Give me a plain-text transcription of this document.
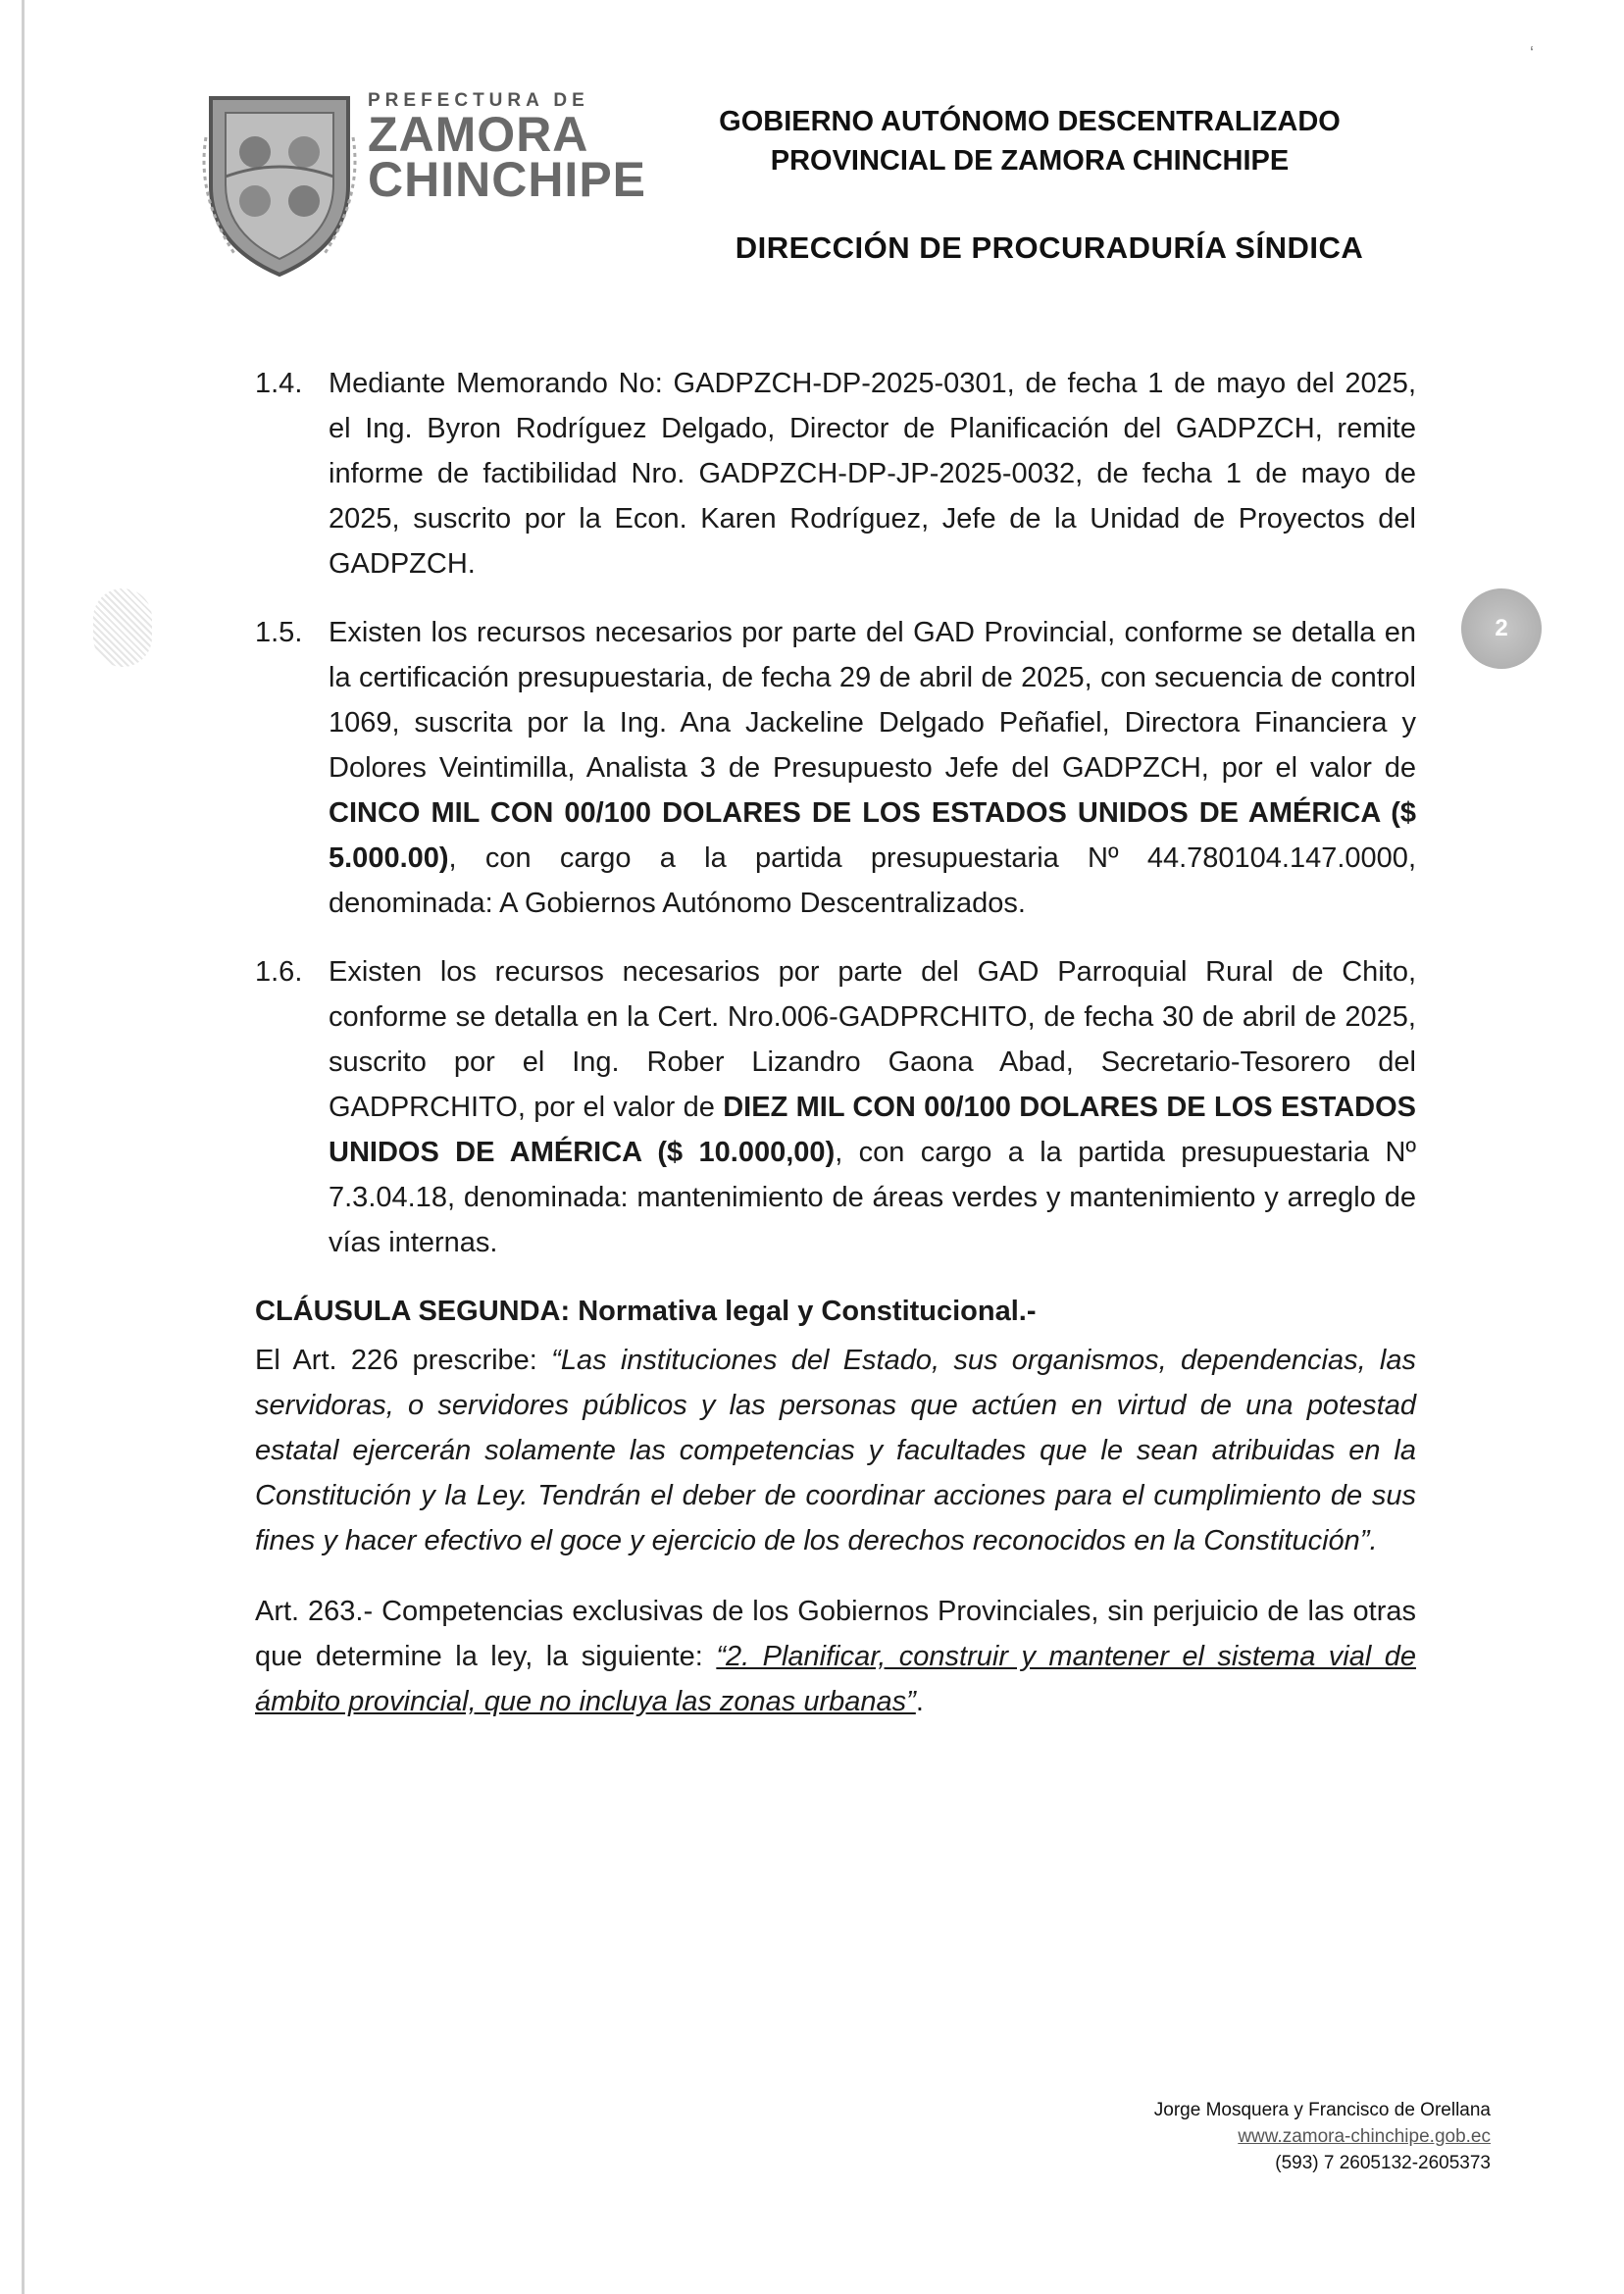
‘
PREFECTURA DE
ZAMORA
CHINCHIPE
GOBIERNO AUTÓNOMO DESCENTRALIZADO
PROVINCIAL DE ZAMORA CHINCHIPE
DIRECCIÓN DE PROCURADURÍA SÍNDICA
2
1.4. Mediante Memorando No: GADPZCH-DP-2025-0301, de fecha 1 de mayo del 2025, el Ing. Byron Rodríguez Delgado, Director de Planificación del GADPZCH, remite informe de factibilidad Nro. GADPZCH-DP-JP-2025-0032, de fecha 1 de mayo de 2025, suscrito por la Econ. Karen Rodríguez, Jefe de la Unidad de Proyectos del GADPZCH.
1.5. Existen los recursos necesarios por parte del GAD Provincial, conforme se detalla en la certificación presupuestaria, de fecha 29 de abril de 2025, con secuencia de control 1069, suscrita por la Ing. Ana Jackeline Delgado Peñafiel, Directora Financiera y Dolores Veintimilla, Analista 3 de Presupuesto Jefe del GADPZCH, por el valor de CINCO MIL CON 00/100 DOLARES DE LOS ESTADOS UNIDOS DE AMÉRICA ($ 5.000.00), con cargo a la partida presupuestaria Nº 44.780104.147.0000, denominada: A Gobiernos Autónomo Descentralizados.
1.6. Existen los recursos necesarios por parte del GAD Parroquial Rural de Chito, conforme se detalla en la Cert. Nro.006-GADPRCHITO, de fecha 30 de abril de 2025, suscrito por el Ing. Rober Lizandro Gaona Abad, Secretario-Tesorero del GADPRCHITO, por el valor de DIEZ MIL CON 00/100 DOLARES DE LOS ESTADOS UNIDOS DE AMÉRICA ($ 10.000,00), con cargo a la partida presupuestaria Nº 7.3.04.18, denominada: mantenimiento de áreas verdes y mantenimiento y arreglo de vías internas.
CLÁUSULA SEGUNDA: Normativa legal y Constitucional.-
El Art. 226 prescribe: “Las instituciones del Estado, sus organismos, dependencias, las servidoras, o servidores públicos y las personas que actúen en virtud de una potestad estatal ejercerán solamente las competencias y facultades que le sean atribuidas en la Constitución y la Ley. Tendrán el deber de coordinar acciones para el cumplimiento de sus fines y hacer efectivo el goce y ejercicio de los derechos reconocidos en la Constitución”.
Art. 263.- Competencias exclusivas de los Gobiernos Provinciales, sin perjuicio de las otras que determine la ley, la siguiente: “2. Planificar, construir y mantener el sistema vial de ámbito provincial, que no incluya las zonas urbanas”.
Jorge Mosquera y Francisco de Orellana
www.zamora-chinchipe.gob.ec
(593) 7 2605132-2605373
